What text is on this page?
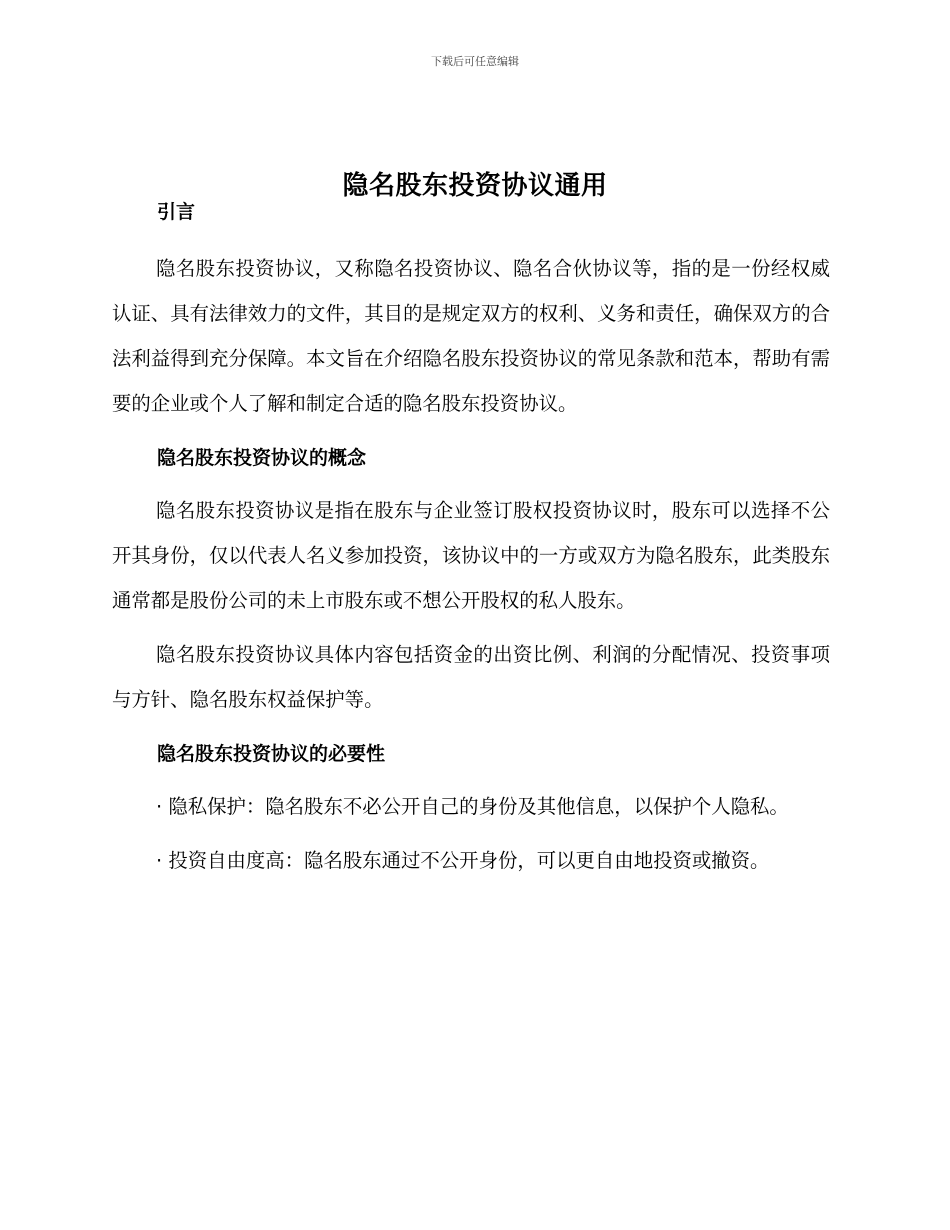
下载后可任意编辑
隐名股东投资协议通用
引言

隐名股东投资协议，又称隐名投资协议、隐名合伙协议等，指的是一份经权威认证、具有法律效力的文件，其目的是规定双方的权利、义务和责任，确保双方的合法利益得到充分保障。本文旨在介绍隐名股东投资协议的常见条款和范本，帮助有需要的企业或个人了解和制定合适的隐名股东投资协议。

隐名股东投资协议的概念

隐名股东投资协议是指在股东与企业签订股权投资协议时，股东可以选择不公开其身份，仅以代表人名义参加投资，该协议中的一方或双方为隐名股东，此类股东通常都是股份公司的未上市股东或不想公开股权的私人股东。

隐名股东投资协议具体内容包括资金的出资比例、利润的分配情况、投资事项与方针、隐名股东权益保护等。

隐名股东投资协议的必要性

· 隐私保护：隐名股东不必公开自己的身份及其他信息，以保护个人隐私。

· 投资自由度高：隐名股东通过不公开身份，可以更自由地投资或撤资。
